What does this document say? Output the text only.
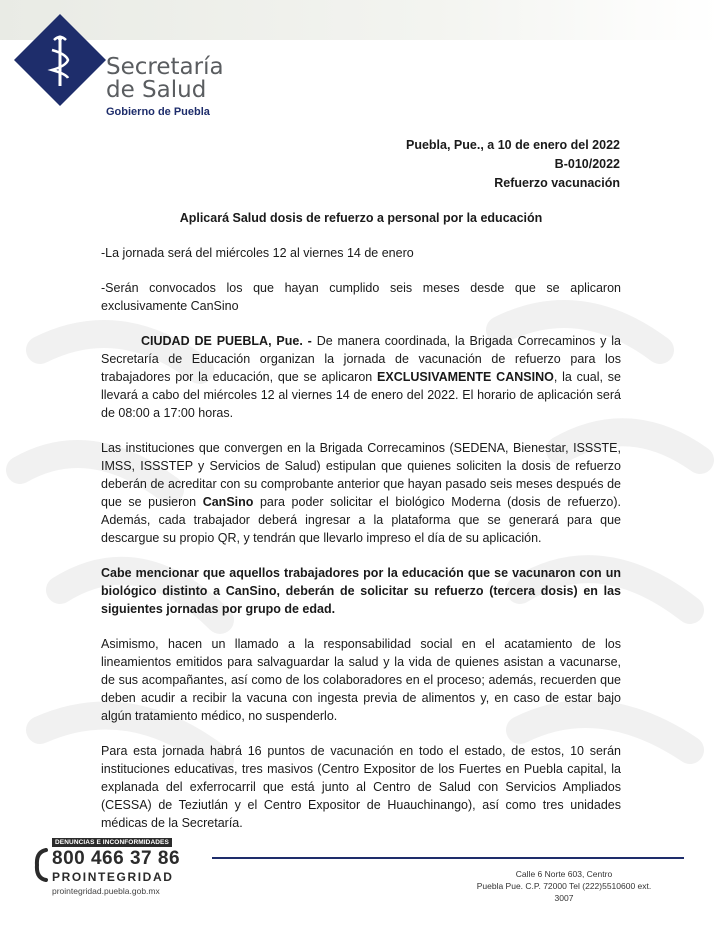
Secretaría
de Salud
Gobierno de Puebla
Puebla, Pue., a 10 de enero del 2022
B-010/2022
Refuerzo vacunación

Aplicará Salud dosis de refuerzo a personal por la educación

-La jornada será del miércoles 12 al viernes 14 de enero

-Serán convocados los que hayan cumplido seis meses desde que se aplicaron exclusivamente CanSino

CIUDAD DE PUEBLA, Pue. - De manera coordinada, la Brigada Correcaminos y la Secretaría de Educación organizan la jornada de vacunación de refuerzo para los trabajadores por la educación, que se aplicaron EXCLUSIVAMENTE CANSINO, la cual, se llevará a cabo del miércoles 12 al viernes 14 de enero del 2022. El horario de aplicación será de 08:00 a 17:00 horas.

Las instituciones que convergen en la Brigada Correcaminos (SEDENA, Bienestar, ISSSTE, IMSS, ISSSTEP y Servicios de Salud) estipulan que quienes soliciten la dosis de refuerzo deberán de acreditar con su comprobante anterior que hayan pasado seis meses después de que se pusieron CanSino para poder solicitar el biológico Moderna (dosis de refuerzo). Además, cada trabajador deberá ingresar a la plataforma que se generará para que descargue su propio QR, y tendrán que llevarlo impreso el día de su aplicación.

Cabe mencionar que aquellos trabajadores por la educación que se vacunaron con un biológico distinto a CanSino, deberán de solicitar su refuerzo (tercera dosis) en las siguientes jornadas por grupo de edad.

Asimismo, hacen un llamado a la responsabilidad social en el acatamiento de los lineamientos emitidos para salvaguardar la salud y la vida de quienes asistan a vacunarse, de sus acompañantes, así como de los colaboradores en el proceso; además, recuerden que deben acudir a recibir la vacuna con ingesta previa de alimentos y, en caso de estar bajo algún tratamiento médico, no suspenderlo.

Para esta jornada habrá 16 puntos de vacunación en todo el estado, de estos, 10 serán instituciones educativas, tres masivos (Centro Expositor de los Fuertes en Puebla capital, la explanada del exferrocarril que está junto al Centro de Salud con Servicios Ampliados (CESSA) de Teziutlán y el Centro Expositor de Huauchinango), así como tres unidades médicas de la Secretaría.

DENUNCIAS E INCONFORMIDADES
800 466 37 86
PROINTEGRIDAD
prointegridad.puebla.gob.mx
Calle 6 Norte 603, Centro
Puebla Pue. C.P. 72000 Tel (222)5510600 ext.
3007
